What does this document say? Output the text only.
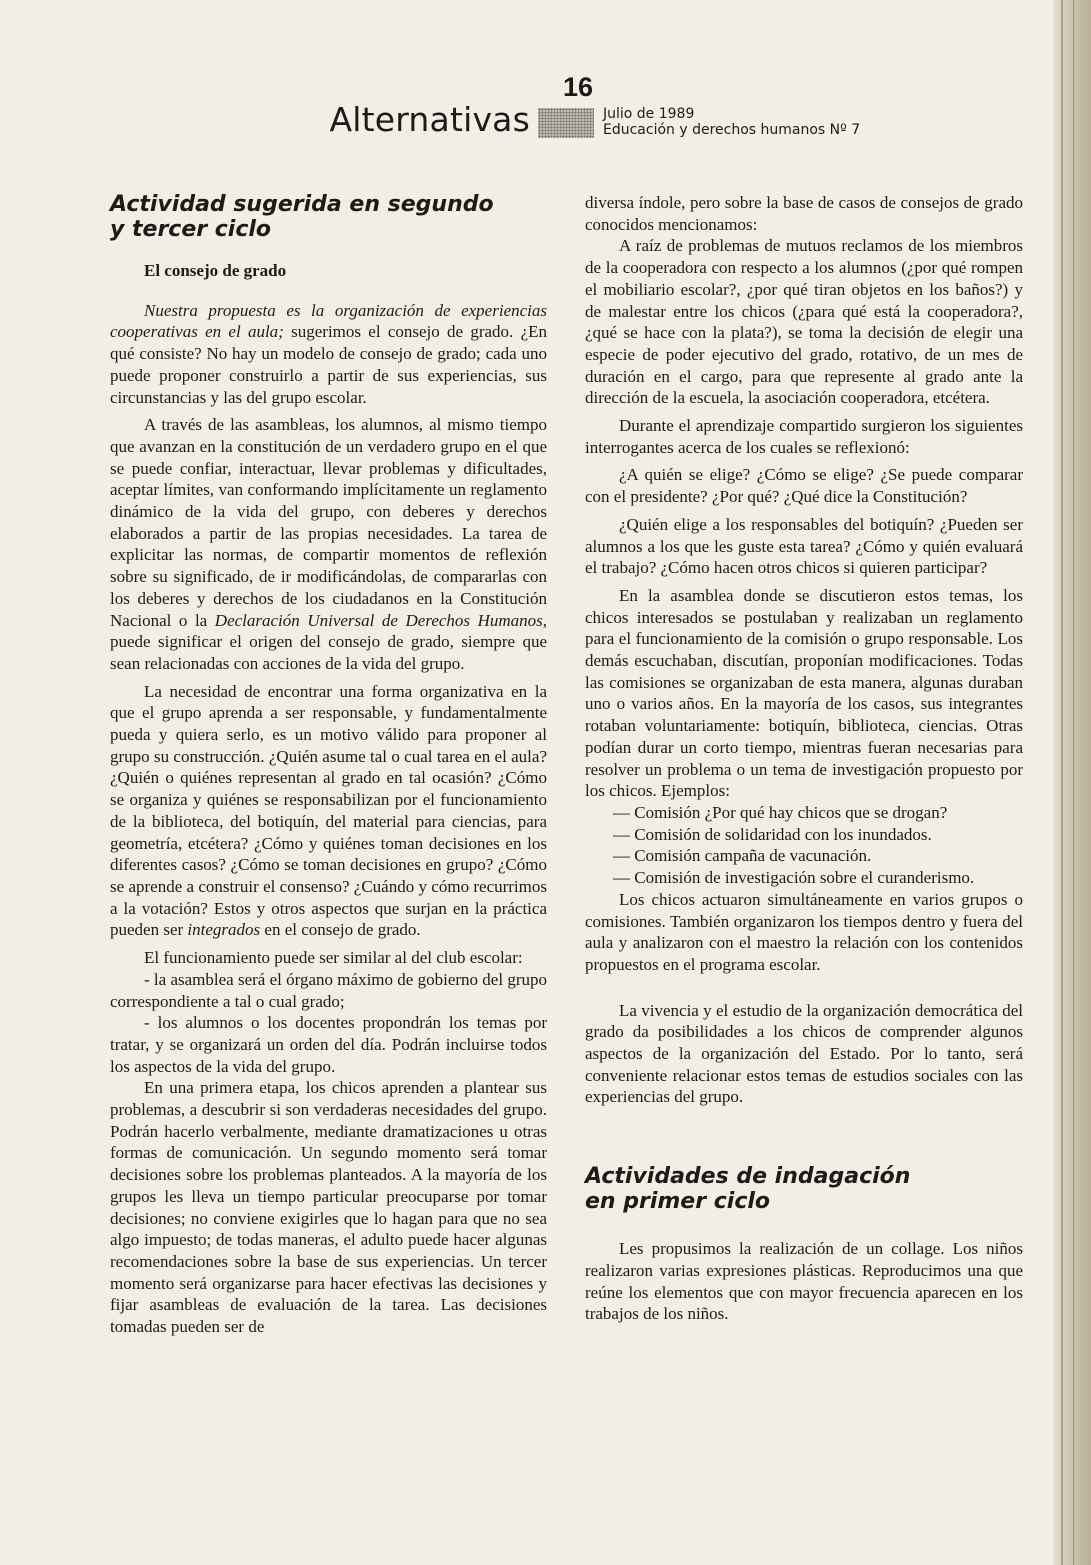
16
Alternativas	Julio de 1989
Educación y derechos humanos Nº 7
Actividad sugerida en segundo
y tercer ciclo
El consejo de grado

Nuestra propuesta es la organización de experiencias cooperativas en el aula; sugerimos el consejo de grado. ¿En qué consiste? No hay un modelo de consejo de grado; cada uno puede proponer construirlo a partir de sus experiencias, sus circunstancias y las del grupo escolar.

A través de las asambleas, los alumnos, al mismo tiempo que avanzan en la constitución de un verdadero grupo en el que se puede confiar, interactuar, llevar problemas y dificultades, aceptar límites, van conformando implícitamente un reglamento dinámico de la vida del grupo, con deberes y derechos elaborados a partir de las propias necesidades. La tarea de explicitar las normas, de compartir momentos de reflexión sobre su significado, de ir modificándolas, de compararlas con los deberes y derechos de los ciudadanos en la Constitución Nacional o la Declaración Universal de Derechos Humanos, puede significar el origen del consejo de grado, siempre que sean relacionadas con acciones de la vida del grupo.

La necesidad de encontrar una forma organizativa en la que el grupo aprenda a ser responsable, y fundamentalmente pueda y quiera serlo, es un motivo válido para proponer al grupo su construcción. ¿Quién asume tal o cual tarea en el aula? ¿Quién o quiénes representan al grado en tal ocasión? ¿Cómo se organiza y quiénes se responsabilizan por el funcionamiento de la biblioteca, del botiquín, del material para ciencias, para geometría, etcétera? ¿Cómo y quiénes toman decisiones en los diferentes casos? ¿Cómo se toman decisiones en grupo? ¿Cómo se aprende a construir el consenso? ¿Cuándo y cómo recurrimos a la votación? Estos y otros aspectos que surjan en la práctica pueden ser integrados en el consejo de grado.

El funcionamiento puede ser similar al del club escolar:

- la asamblea será el órgano máximo de gobierno del grupo correspondiente a tal o cual grado;

- los alumnos o los docentes propondrán los temas por tratar, y se organizará un orden del día. Podrán incluirse todos los aspectos de la vida del grupo.

En una primera etapa, los chicos aprenden a plantear sus problemas, a descubrir si son verdaderas necesidades del grupo. Podrán hacerlo verbalmente, mediante dramatizaciones u otras formas de comunicación. Un segundo momento será tomar decisiones sobre los problemas planteados. A la mayoría de los grupos les lleva un tiempo particular preocuparse por tomar decisiones; no conviene exigirles que lo hagan para que no sea algo impuesto; de todas maneras, el adulto puede hacer algunas recomendaciones sobre la base de sus experiencias. Un tercer momento será organizarse para hacer efectivas las decisiones y fijar asambleas de evaluación de la tarea. Las decisiones tomadas pueden ser de

diversa índole, pero sobre la base de casos de consejos de grado conocidos mencionamos:

A raíz de problemas de mutuos reclamos de los miembros de la cooperadora con respecto a los alumnos (¿por qué rompen el mobiliario escolar?, ¿por qué tiran objetos en los baños?) y de malestar entre los chicos (¿para qué está la cooperadora?, ¿qué se hace con la plata?), se toma la decisión de elegir una especie de poder ejecutivo del grado, rotativo, de un mes de duración en el cargo, para que represente al grado ante la dirección de la escuela, la asociación cooperadora, etcétera.

Durante el aprendizaje compartido surgieron los siguientes interrogantes acerca de los cuales se reflexionó:

¿A quién se elige? ¿Cómo se elige? ¿Se puede comparar con el presidente? ¿Por qué? ¿Qué dice la Constitución?

¿Quién elige a los responsables del botiquín? ¿Pueden ser alumnos a los que les guste esta tarea? ¿Cómo y quién evaluará el trabajo? ¿Cómo hacen otros chicos si quieren participar?

En la asamblea donde se discutieron estos temas, los chicos interesados se postulaban y realizaban un reglamento para el funcionamiento de la comisión o grupo responsable. Los demás escuchaban, discutían, proponían modificaciones. Todas las comisiones se organizaban de esta manera, algunas duraban uno o varios años. En la mayoría de los casos, sus integrantes rotaban voluntariamente: botiquín, biblioteca, ciencias. Otras podían durar un corto tiempo, mientras fueran necesarias para resolver un problema o un tema de investigación propuesto por los chicos. Ejemplos:

— Comisión ¿Por qué hay chicos que se drogan?
— Comisión de solidaridad con los inundados.
— Comisión campaña de vacunación.
— Comisión de investigación sobre el curanderismo.

Los chicos actuaron simultáneamente en varios grupos o comisiones. También organizaron los tiempos dentro y fuera del aula y analizaron con el maestro la relación con los contenidos propuestos en el programa escolar.

La vivencia y el estudio de la organización democrática del grado da posibilidades a los chicos de comprender algunos aspectos de la organización del Estado. Por lo tanto, será conveniente relacionar estos temas de estudios sociales con las experiencias del grupo.

Actividades de indagación
en primer ciclo

Les propusimos la realización de un collage. Los niños realizaron varias expresiones plásticas. Reproducimos una que reúne los elementos que con mayor frecuencia aparecen en los trabajos de los niños.
